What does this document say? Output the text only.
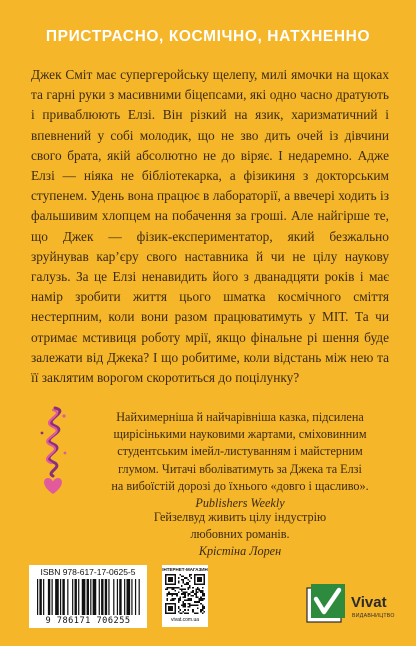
ПРИСТРАСНО, КОСМІЧНО, НАТХНЕННО

Джек Сміт має супергеройську щелепу, милі ямочки на щоках та гарні руки з масивними біцепсами, які одно часно дратують і приваблюють Елзі. Він різкий на язик, харизматичний і впевнений у собі молодик, що не зво дить очей із дівчини свого брата, якій абсолютно не до віряє. І недаремно. Адже Елзі — ніяка не бібліотекарка, а фізикиня з докторським ступенем. Удень вона працює в лабораторії, а ввечері ходить із фальшивим хлопцем на побачення за гроші. Але найгірше те, що Джек — фізик-експериментатор, який безжально зруйнував кар’єру свого наставника й чи не цілу наукову галузь. За це Елзі ненавидить його з дванадцяти років і має намір зробити життя цього шматка космічного сміття нестерпним, коли вони разом працюватимуть у МІТ. Та чи отримає мстивиця роботу мрії, якщо фінальне рі шення буде залежати від Джека? І що робитиме, коли відстань між нею та її заклятим ворогом скоротиться до поцілунку?

Найхимерніша й найчарівніша казка, підсилена
щирісінькими науковими жартами, сміховинним
студентським імейл-листуванням і майстерним
глумом. Читачі вболіватимуть за Джека та Елзі
на вибоїстій дорозі до їхнього «довго і щасливо».
Publishers Weekly
Гейзелвуд живить цілу індустрію
любовних романів.
Крістіна Лорен
ISBN 978-617-17-0625-5
9 786171 706255
ІНТЕРНЕТ-МАГАЗИН
vivat.com.ua
Vivat
ВИДАВНИЦТВО
